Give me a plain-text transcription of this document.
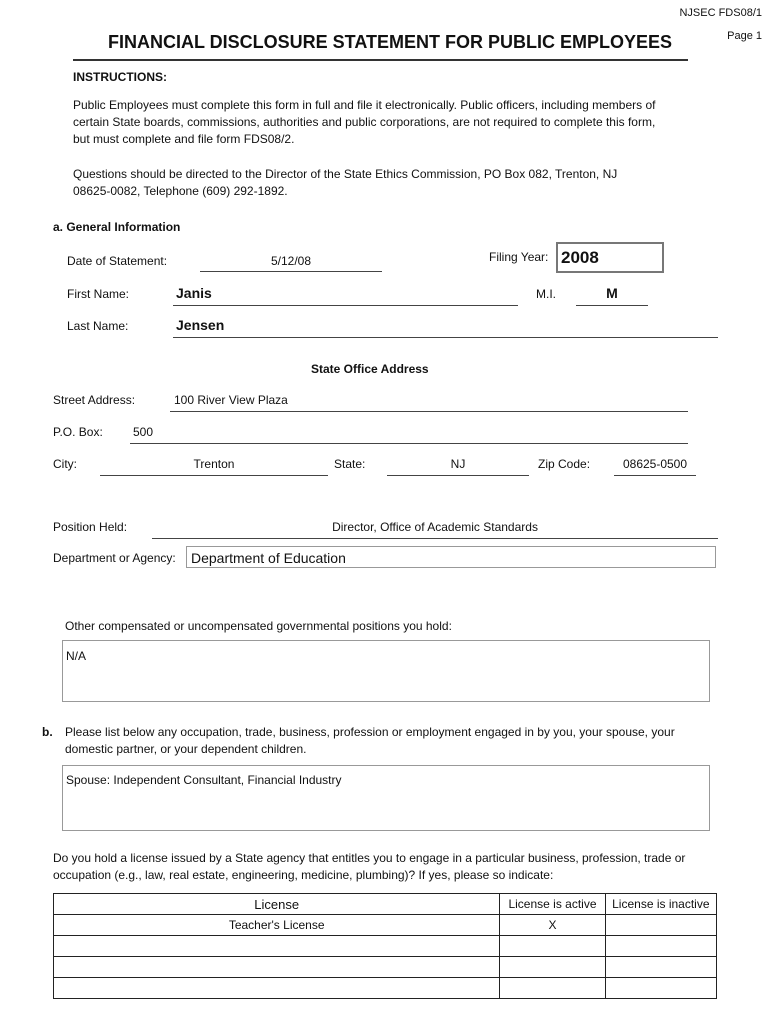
NJSEC FDS08/1
Page 1
FINANCIAL DISCLOSURE STATEMENT FOR PUBLIC EMPLOYEES
INSTRUCTIONS:
Public Employees must complete this form in full and file it electronically. Public officers, including members of
certain State boards, commissions, authorities and public corporations, are not required to complete this form,
but must complete and file form FDS08/2.
Questions should be directed to the Director of the State Ethics Commission, PO Box 082, Trenton, NJ
08625-0082, Telephone (609) 292-1892.
a. General Information
Date of Statement:	5/12/08	Filing Year: 2008
First Name:	Janis	M.I.	M
Last Name:	Jensen
State Office Address
Street Address:	100 River View Plaza
P.O. Box:	500
City:	Trenton	State:	NJ	Zip Code:	08625-0500
Position Held:	Director, Office of Academic Standards
Department or Agency: Department of Education
Other compensated or uncompensated governmental positions you hold:
N/A
b. Please list below any occupation, trade, business, profession or employment engaged in by you, your spouse, your
domestic partner, or your dependent children.
Spouse: Independent Consultant, Financial Industry
Do you hold a license issued by a State agency that entitles you to engage in a particular business, profession, trade or
occupation (e.g., law, real estate, engineering, medicine, plumbing)? If yes, please so indicate:
License	License is active	License is inactive
Teacher's License	X	
